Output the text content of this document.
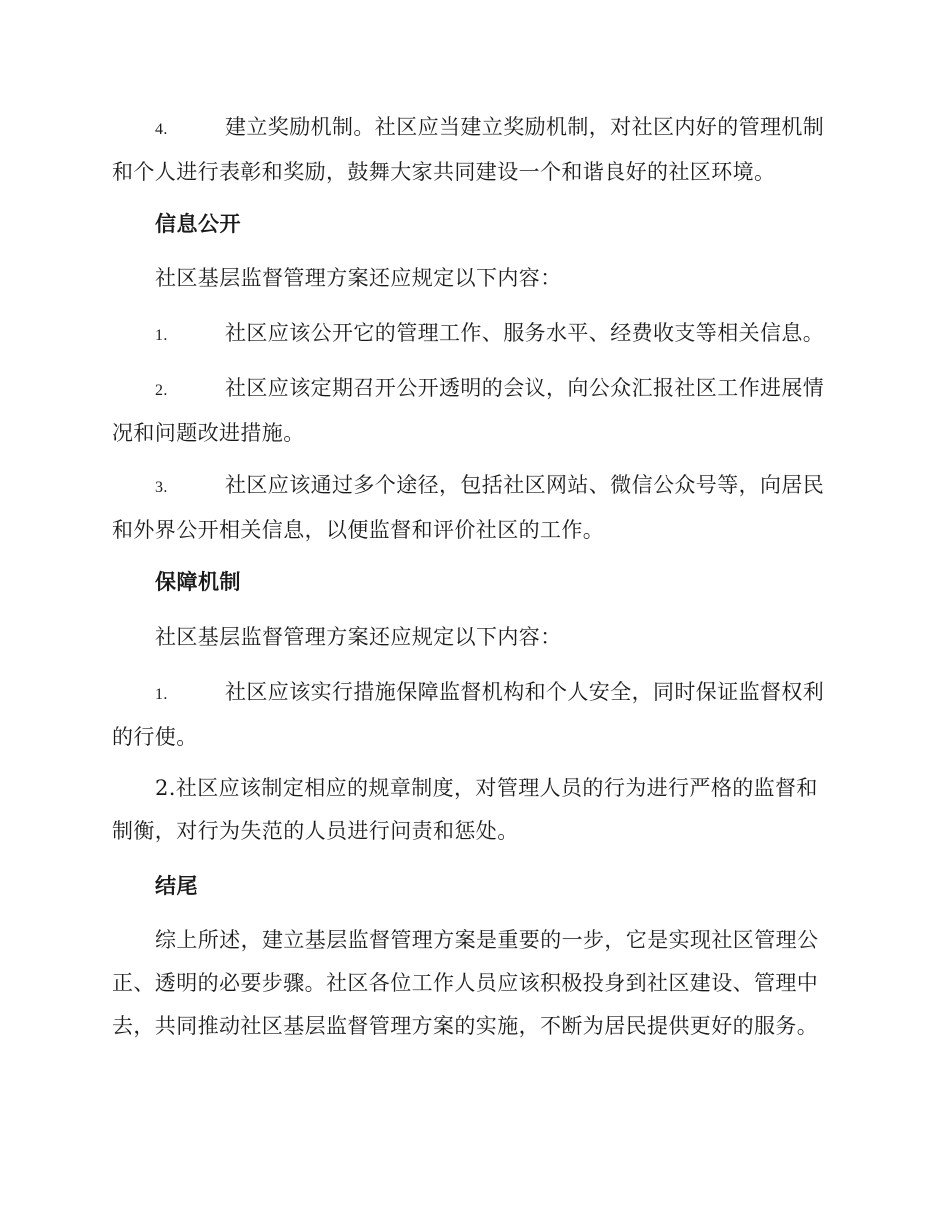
4.	建立奖励机制。社区应当建立奖励机制，对社区内好的管理机制和个人进行表彰和奖励，鼓舞大家共同建设一个和谐良好的社区环境。
信息公开
社区基层监督管理方案还应规定以下内容：
1.	社区应该公开它的管理工作、服务水平、经费收支等相关信息。
2.	社区应该定期召开公开透明的会议，向公众汇报社区工作进展情况和问题改进措施。
3.	社区应该通过多个途径，包括社区网站、微信公众号等，向居民和外界公开相关信息，以便监督和评价社区的工作。
保障机制
社区基层监督管理方案还应规定以下内容：
1.	社区应该实行措施保障监督机构和个人安全，同时保证监督权利的行使。
2.社区应该制定相应的规章制度，对管理人员的行为进行严格的监督和制衡，对行为失范的人员进行问责和惩处。
结尾
综上所述，建立基层监督管理方案是重要的一步，它是实现社区管理公正、透明的必要步骤。社区各位工作人员应该积极投身到社区建设、管理中去，共同推动社区基层监督管理方案的实施，不断为居民提供更好的服务。
